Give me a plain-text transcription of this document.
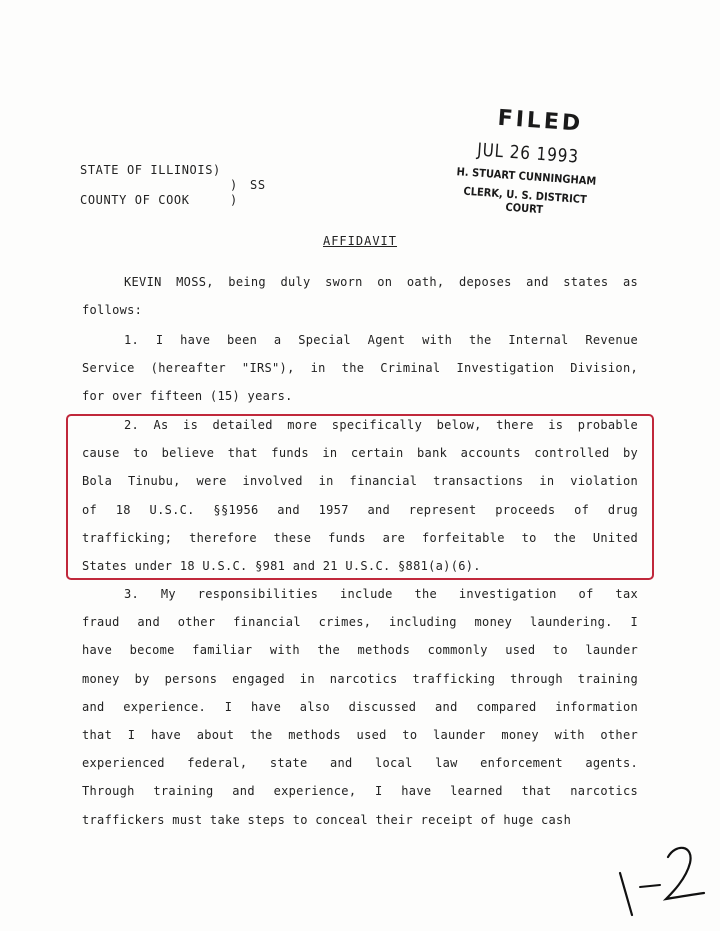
STATE OF ILLINOIS)
)	SS
COUNTY OF COOK	)
FILED
JUL 26 1993
H. STUART CUNNINGHAM
CLERK, U. S. DISTRICT COURT
AFFIDAVIT
KEVIN MOSS, being duly sworn on oath, deposes and states as
follows:
1. I have been a Special Agent with the Internal Revenue
Service (hereafter "IRS"), in the Criminal Investigation Division,
for over fifteen (15) years.
2. As is detailed more specifically below, there is probable
cause to believe that funds in certain bank accounts controlled by
Bola Tinubu, were involved in financial transactions in violation
of 18 U.S.C. §§1956 and 1957 and represent proceeds of drug
trafficking; therefore these funds are forfeitable to the United
States under 18 U.S.C. §981 and 21 U.S.C. §881(a)(6).
3. My responsibilities include the investigation of tax
fraud and other financial crimes, including money laundering. I
have become familiar with the methods commonly used to launder
money by persons engaged in narcotics trafficking through training
and experience. I have also discussed and compared information
that I have about the methods used to launder money with other
experienced federal, state and local law enforcement agents.
Through training and experience, I have learned that narcotics
traffickers must take steps to conceal their receipt of huge cash
